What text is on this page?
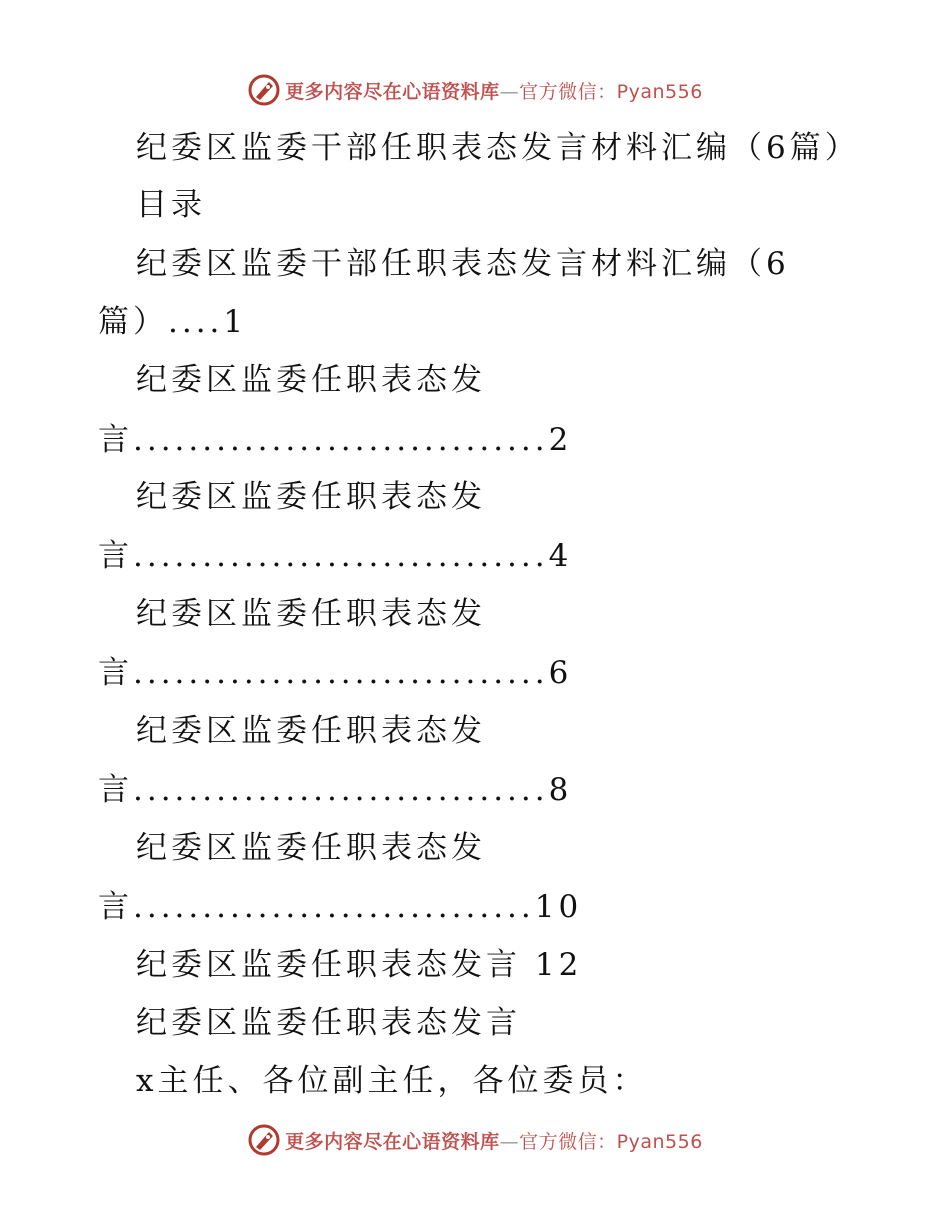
更多内容尽在心语资料库—官方微信：Pyan556
纪委区监委干部任职表态发言材料汇编（6篇）
目录
纪委区监委干部任职表态发言材料汇编（6
篇）....1
纪委区监委任职表态发
言..............................2
纪委区监委任职表态发
言..............................4
纪委区监委任职表态发
言..............................6
纪委区监委任职表态发
言..............................8
纪委区监委任职表态发
言.............................10
纪委区监委任职表态发言 12
纪委区监委任职表态发言
x主任、各位副主任，各位委员：
更多内容尽在心语资料库—官方微信：Pyan556
